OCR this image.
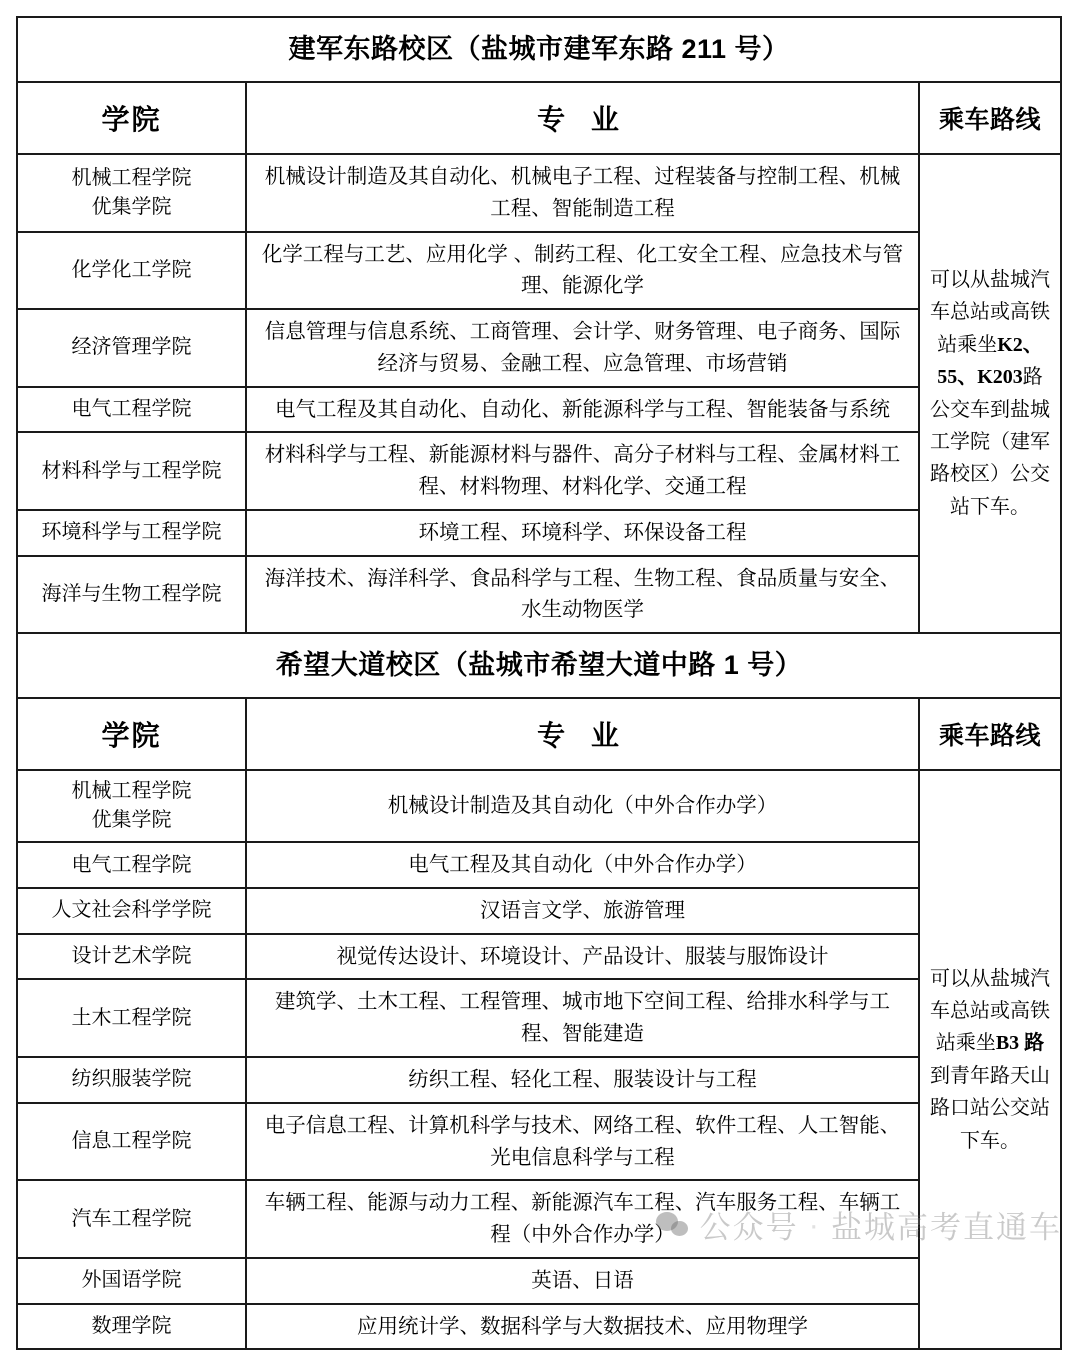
建军东路校区（盐城市建军东路 211 号）		
学院	专 业	乘车路线

机械工程学院
优集学院	机械设计制造及其自动化、机械电子工程、过程装备与控制工程、机械工程、智能制造工程	可以从盐城汽车总站或高铁站乘坐K2、55、K203路公交车到盐城工学院（建军路校区）公交站下车。

化学化工学院	化学工程与工艺、应用化学 、制药工程、化工安全工程、应急技术与管理、能源化学	

经济管理学院	信息管理与信息系统、工商管理、会计学、财务管理、电子商务、国际经济与贸易、金融工程、应急管理、市场营销	

电气工程学院	电气工程及其自动化、自动化、新能源科学与工程、智能装备与系统	

材料科学与工程学院	材料科学与工程、新能源材料与器件、高分子材料与工程、金属材料工程、材料物理、材料化学、交通工程	

环境科学与工程学院	环境工程、环境科学、环保设备工程	

海洋与生物工程学院	海洋技术、海洋科学、食品科学与工程、生物工程、食品质量与安全、水生动物医学	
希望大道校区（盐城市希望大道中路 1 号）		
学院	专 业	乘车路线

机械工程学院
优集学院	机械设计制造及其自动化（中外合作办学）	可以从盐城汽车总站或高铁站乘坐B3 路到青年路天山路口站公交站下车。

电气工程学院	电气工程及其自动化（中外合作办学）	

人文社会科学学院	汉语言文学、旅游管理	

设计艺术学院	视觉传达设计、环境设计、产品设计、服装与服饰设计	

土木工程学院	建筑学、土木工程、工程管理、城市地下空间工程、给排水科学与工程、智能建造	

纺织服装学院	纺织工程、轻化工程、服装设计与工程	

信息工程学院	电子信息工程、计算机科学与技术、网络工程、软件工程、人工智能、光电信息科学与工程	

汽车工程学院	车辆工程、能源与动力工程、新能源汽车工程、汽车服务工程、车辆工程（中外合作办学）	

外国语学院	英语、日语	

数理学院	应用统计学、数据科学与大数据技术、应用物理学	
公众号 · 盐城高考直通车
